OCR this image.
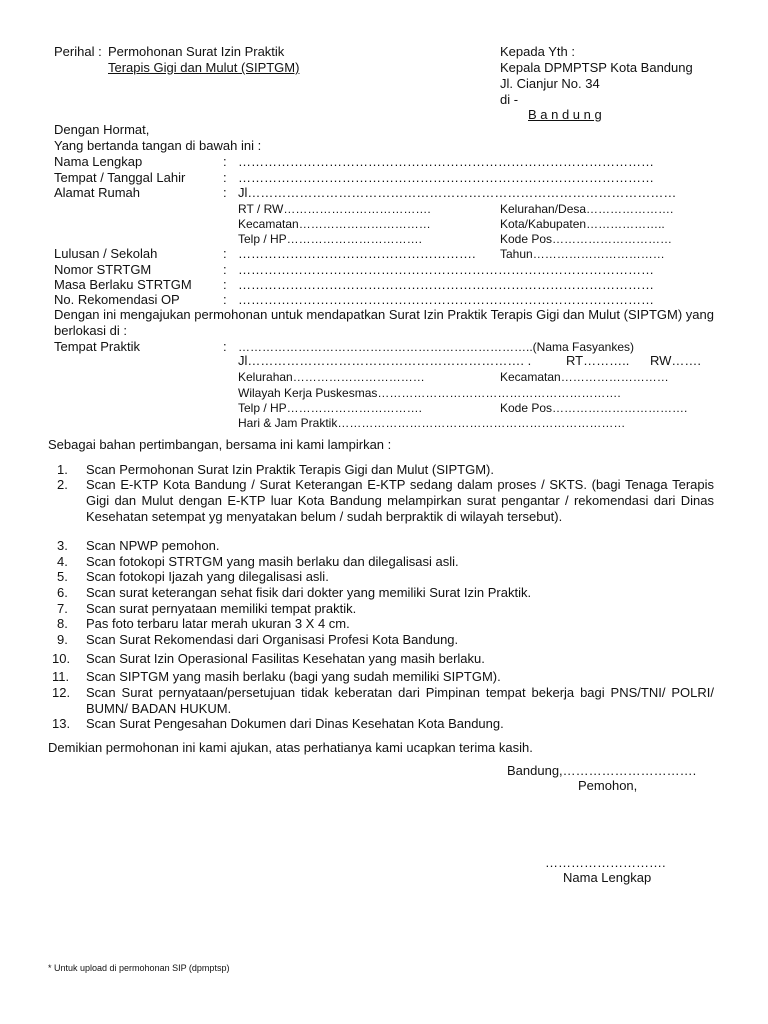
Perihal : Permohonan Surat Izin Praktik
Terapis Gigi dan Mulut (SIPTGM)
Kepada Yth :
Kepala DPMPTSP Kota Bandung
Jl. Cianjur No. 34
di -
B a n d u n g
Dengan Hormat,
Yang bertanda tangan di bawah ini :
Nama Lengkap	: ……………………………………………………………………………………
Tempat / Tanggal Lahir	: ……………………………………………………………………………………
Alamat Rumah	: Jl………………………………………………………………………………………
RT / RW……………………………….	Kelurahan/Desa………………….
Kecamatan……………………………	Kota/Kabupaten………………..
Telp / HP…………………………….	Kode Pos…………………………
Lulusan / Sekolah	: ……………………………………………….	Tahun……………………………
Nomor STRTGM	: ……………………………………………………………………………………
Masa Berlaku STRTGM : ……………………………………………………………………………………
No. Rekomendasi OP	: ……………………………………………………………………………………
Dengan ini mengajukan permohonan untuk mendapatkan Surat Izin Praktik Terapis Gigi dan Mulut (SIPTGM) yang berlokasi di :
Tempat Praktik	: ………………………………………………………………..(Nama Fasyankes)
Jl………………………………………………………. .	RT………..	RW…….
Kelurahan……………………………	Kecamatan………………………
Wilayah Kerja Puskesmas…………………………………………………….
Telp / HP…………………………….	Kode Pos…………………………….
Hari & Jam Praktik………………………………………………………………
Sebagai bahan pertimbangan, bersama ini kami lampirkan :
1. Scan Permohonan Surat Izin Praktik Terapis Gigi dan Mulut (SIPTGM).
2. Scan E-KTP Kota Bandung / Surat Keterangan E-KTP sedang dalam proses / SKTS. (bagi Tenaga Terapis Gigi dan Mulut dengan E-KTP luar Kota Bandung melampirkan surat pengantar / rekomendasi dari Dinas Kesehatan setempat yg menyatakan belum / sudah berpraktik di wilayah tersebut).
3. Scan NPWP pemohon.
4. Scan fotokopi STRTGM yang masih berlaku dan dilegalisasi asli.
5. Scan fotokopi Ijazah yang dilegalisasi asli.
6. Scan surat keterangan sehat fisik dari dokter yang memiliki Surat Izin Praktik.
7. Scan surat pernyataan memiliki tempat praktik.
8. Pas foto terbaru latar merah ukuran 3 X 4 cm.
9. Scan Surat Rekomendasi dari Organisasi Profesi Kota Bandung.
10. Scan Surat Izin Operasional Fasilitas Kesehatan yang masih berlaku.
11. Scan SIPTGM yang masih berlaku (bagi yang sudah memiliki SIPTGM).
12. Scan Surat pernyataan/persetujuan tidak keberatan dari Pimpinan tempat bekerja bagi PNS/TNI/ POLRI/ BUMN/ BADAN HUKUM.
13. Scan Surat Pengesahan Dokumen dari Dinas Kesehatan Kota Bandung.
Demikian permohonan ini kami ajukan, atas perhatianya kami ucapkan terima kasih.
Bandung,………………………….
Pemohon,
……………………….
Nama Lengkap
* Untuk upload di permohonan SIP (dpmptsp)
